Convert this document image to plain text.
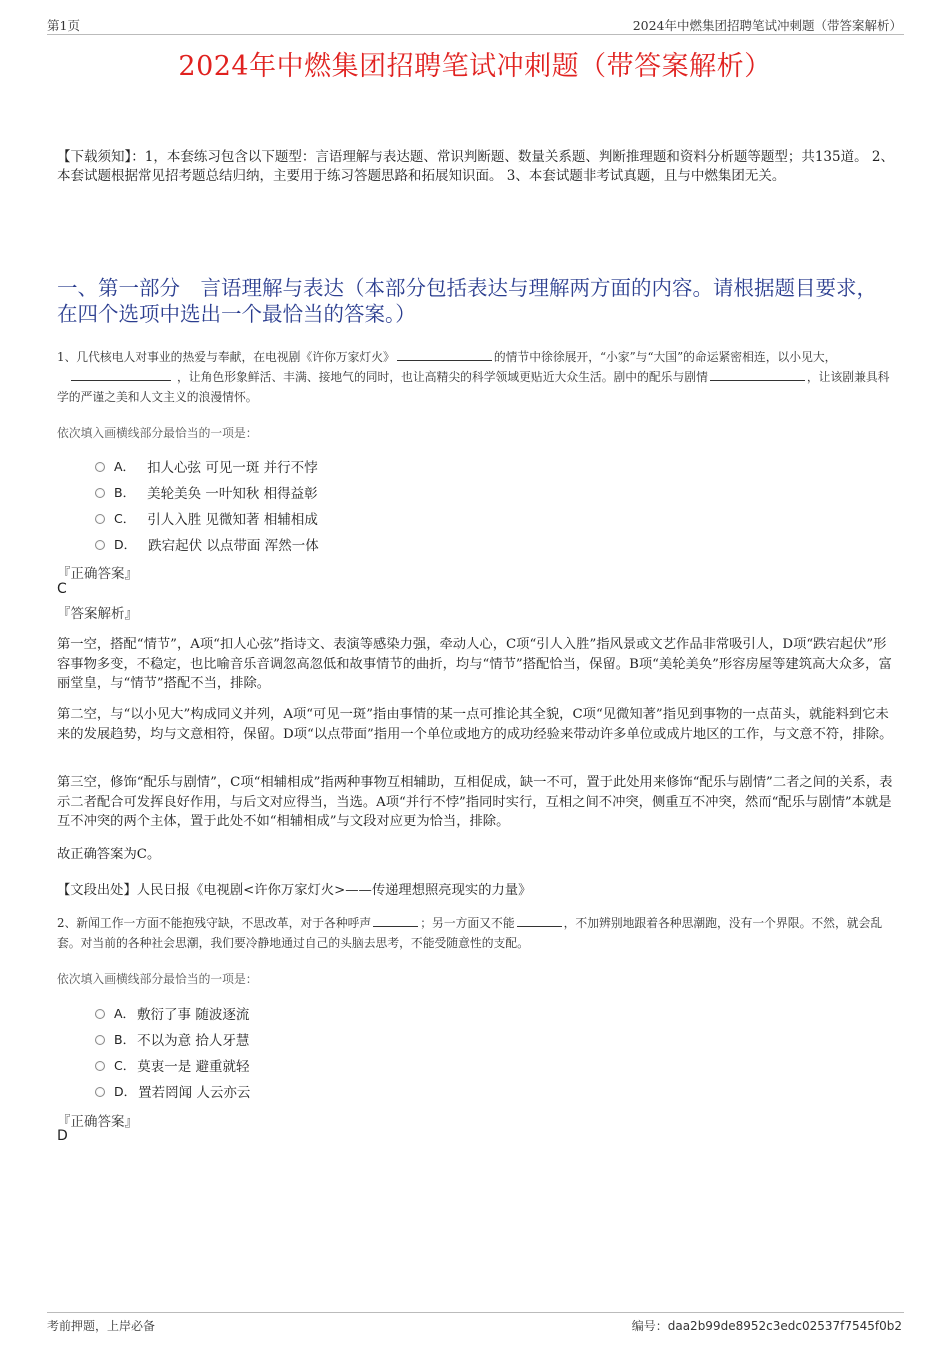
第1页	2024年中燃集团招聘笔试冲刺题（带答案解析）
2024年中燃集团招聘笔试冲刺题（带答案解析）
【下载须知】：1，本套练习包含以下题型：言语理解与表达题、常识判断题、数量关系题、判断推理题和资料分析题等题型；共135道。 2、本套试题根据常见招考题总结归纳，主要用于练习答题思路和拓展知识面。 3、本套试题非考试真题，且与中燃集团无关。
一、第一部分　言语理解与表达（本部分包括表达与理解两方面的内容。请根据题目要求，在四个选项中选出一个最恰当的答案。）
1、几代核电人对事业的热爱与奉献，在电视剧《许你万家灯火》	的情节中徐徐展开，“小家”与“大国”的命运紧密相连，以小见大，，让角色形象鲜活、丰满、接地气的同时，也让高精尖的科学领域更贴近大众生活。剧中的配乐与剧情	，让该剧兼具科学的严谨之美和人文主义的浪漫情怀。
依次填入画横线部分最恰当的一项是：
A． 扣人心弦 可见一斑 并行不悖
B． 美轮美奂 一叶知秋 相得益彰
C． 引人入胜 见微知著 相辅相成
D． 跌宕起伏 以点带面 浑然一体
『正确答案』
C
『答案解析』

第一空，搭配“情节”，A项“扣人心弦”指诗文、表演等感染力强，牵动人心，C项“引人入胜”指风景或文艺作品非常吸引人，D项“跌宕起伏”形容事物多变，不稳定，也比喻音乐音调忽高忽低和故事情节的曲折，均与“情节”搭配恰当，保留。B项“美轮美奂”形容房屋等建筑高大众多，富丽堂皇，与“情节”搭配不当，排除。

第二空，与“以小见大”构成同义并列，A项“可见一斑”指由事情的某一点可推论其全貌，C项“见微知著”指见到事物的一点苗头，就能料到它未来的发展趋势，均与文意相符，保留。D项“以点带面”指用一个单位或地方的成功经验来带动许多单位或成片地区的工作，与文意不符，排除。

第三空，修饰“配乐与剧情”，C项“相辅相成”指两种事物互相辅助，互相促成，缺一不可，置于此处用来修饰“配乐与剧情”二者之间的关系，表示二者配合可发挥良好作用，与后文对应得当，当选。A项“并行不悖”指同时实行，互相之间不冲突，侧重互不冲突，然而“配乐与剧情”本就是互不冲突的两个主体，置于此处不如“相辅相成”与文段对应更为恰当，排除。

故正确答案为C。

【文段出处】人民日报《电视剧<许你万家灯火>——传递理想照亮现实的力量》
2、新闻工作一方面不能抱残守缺，不思改革，对于各种呼声	；另一方面又不能	，不加辨别地跟着各种思潮跑，没有一个界限。不然，就会乱套。对当前的各种社会思潮，我们要冷静地通过自己的头脑去思考，不能受随意性的支配。
依次填入画横线部分最恰当的一项是：
A． 敷衍了事 随波逐流
B． 不以为意 拾人牙慧
C． 莫衷一是 避重就轻
D． 置若罔闻 人云亦云
『正确答案』
D
考前押题，上岸必备	编号：daa2b99de8952c3edc02537f7545f0b2
